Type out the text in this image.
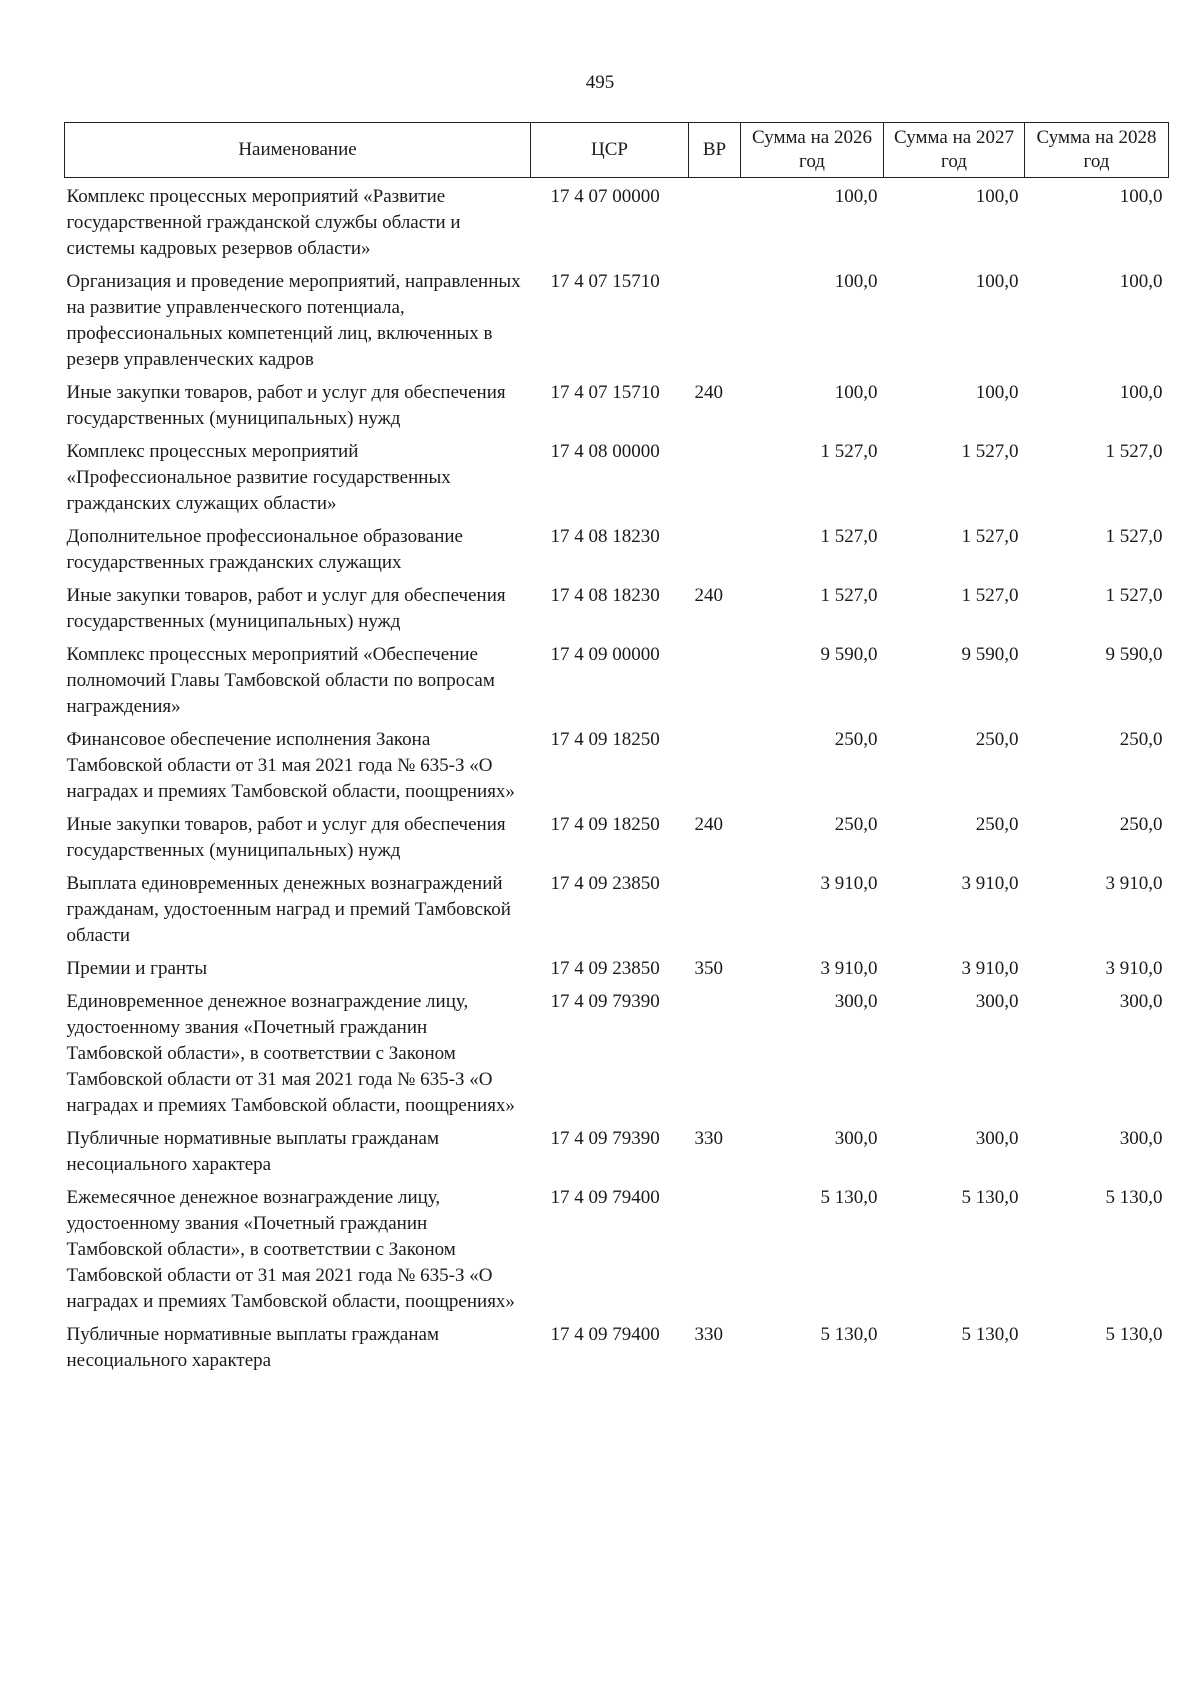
495
Наименование	ЦСР	ВР	Сумма на 2026 год	Сумма на 2027 год	Сумма на 2028 год
Комплекс процессных мероприятий «Развитие государственной гражданской службы области и системы кадровых резервов области»	17 4 07 00000		100,0	100,0	100,0
Организация и проведение мероприятий, направленных на развитие управленческого потенциала, профессиональных компетенций лиц, включенных в резерв управленческих кадров	17 4 07 15710		100,0	100,0	100,0
Иные закупки товаров, работ и услуг для обеспечения государственных (муниципальных) нужд	17 4 07 15710	240	100,0	100,0	100,0
Комплекс процессных мероприятий «Профессиональное развитие государственных гражданских служащих области»	17 4 08 00000		1 527,0	1 527,0	1 527,0
Дополнительное профессиональное образование государственных гражданских служащих	17 4 08 18230		1 527,0	1 527,0	1 527,0
Иные закупки товаров, работ и услуг для обеспечения государственных (муниципальных) нужд	17 4 08 18230	240	1 527,0	1 527,0	1 527,0
Комплекс процессных мероприятий «Обеспечение полномочий Главы Тамбовской области по вопросам награждения»	17 4 09 00000		9 590,0	9 590,0	9 590,0
Финансовое обеспечение исполнения Закона Тамбовской области от 31 мая 2021 года № 635-З «О наградах и премиях Тамбовской области, поощрениях»	17 4 09 18250		250,0	250,0	250,0
Иные закупки товаров, работ и услуг для обеспечения государственных (муниципальных) нужд	17 4 09 18250	240	250,0	250,0	250,0
Выплата единовременных денежных вознаграждений гражданам, удостоенным наград и премий Тамбовской области	17 4 09 23850		3 910,0	3 910,0	3 910,0
Премии и гранты	17 4 09 23850	350	3 910,0	3 910,0	3 910,0
Единовременное денежное вознаграждение лицу, удостоенному звания «Почетный гражданин Тамбовской области», в соответствии с Законом Тамбовской области от 31 мая 2021 года № 635-З «О наградах и премиях Тамбовской области, поощрениях»	17 4 09 79390		300,0	300,0	300,0
Публичные нормативные выплаты гражданам несоциального характера	17 4 09 79390	330	300,0	300,0	300,0
Ежемесячное денежное вознаграждение лицу, удостоенному звания «Почетный гражданин Тамбовской области», в соответствии с Законом Тамбовской области от 31 мая 2021 года № 635-З «О наградах и премиях Тамбовской области, поощрениях»	17 4 09 79400		5 130,0	5 130,0	5 130,0
Публичные нормативные выплаты гражданам несоциального характера	17 4 09 79400	330	5 130,0	5 130,0	5 130,0
